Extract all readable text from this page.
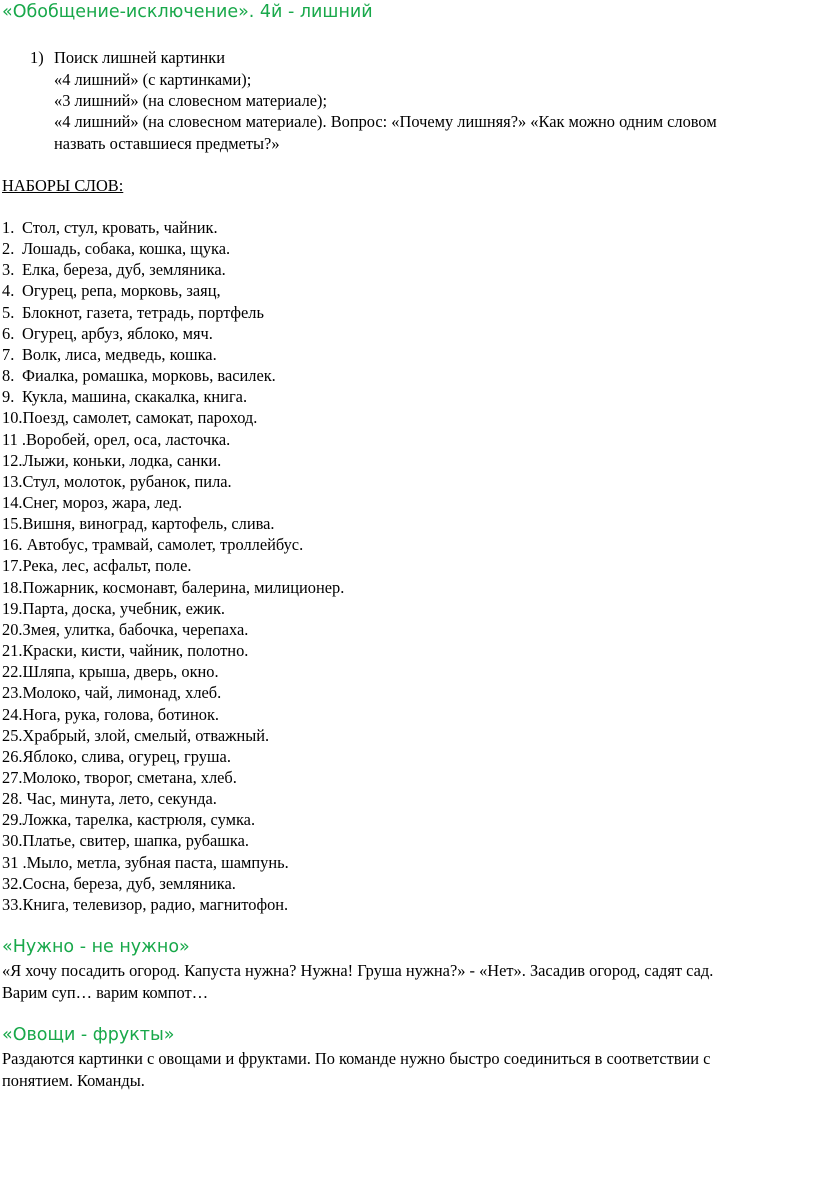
«Обобщение-исключение». 4й - лишний
1) Поиск лишней картинки
«4 лишний» (с картинками);
«3 лишний» (на словесном материале);
«4 лишний» (на словесном материале). Вопрос: «Почему лишняя?» «Как можно одним словом
назвать оставшиеся предметы?»
НАБОРЫ СЛОВ:
1. Стол, стул, кровать, чайник.
2. Лошадь, собака, кошка, щука.
3. Елка, береза, дуб, земляника.
4. Огурец, репа, морковь, заяц,
5. Блокнот, газета, тетрадь, портфель
6. Огурец, арбуз, яблоко, мяч.
7. Волк, лиса, медведь, кошка.
8. Фиалка, ромашка, морковь, василек.
9. Кукла, машина, скакалка, книга.
10.Поезд, самолет, самокат, пароход.
11 .Воробей, орел, оса, ласточка.
12.Лыжи, коньки, лодка, санки.
13.Стул, молоток, рубанок, пила.
14.Снег, мороз, жара, лед.
15.Вишня, виноград, картофель, слива.
16. Автобус, трамвай, самолет, троллейбус.
17.Река, лес, асфальт, поле.
18.Пожарник, космонавт, балерина, милиционер.
19.Парта, доска, учебник, ежик.
20.Змея, улитка, бабочка, черепаха.
21.Краски, кисти, чайник, полотно.
22.Шляпа, крыша, дверь, окно.
23.Молоко, чай, лимонад, хлеб.
24.Нога, рука, голова, ботинок.
25.Храбрый, злой, смелый, отважный.
26.Яблоко, слива, огурец, груша.
27.Молоко, творог, сметана, хлеб.
28. Час, минута, лето, секунда.
29.Ложка, тарелка, кастрюля, сумка.
30.Платье, свитер, шапка, рубашка.
31 .Мыло, метла, зубная паста, шампунь.
32.Сосна, береза, дуб, земляника.
33.Книга, телевизор, радио, магнитофон.
«Нужно - не нужно»
«Я хочу посадить огород. Капуста нужна? Нужна! Груша нужна?» - «Нет». Засадив огород, садят сад.
Варим суп… варим компот…
«Овощи - фрукты»
Раздаются картинки с овощами и фруктами. По команде нужно быстро соединиться в соответствии с
понятием. Команды.
